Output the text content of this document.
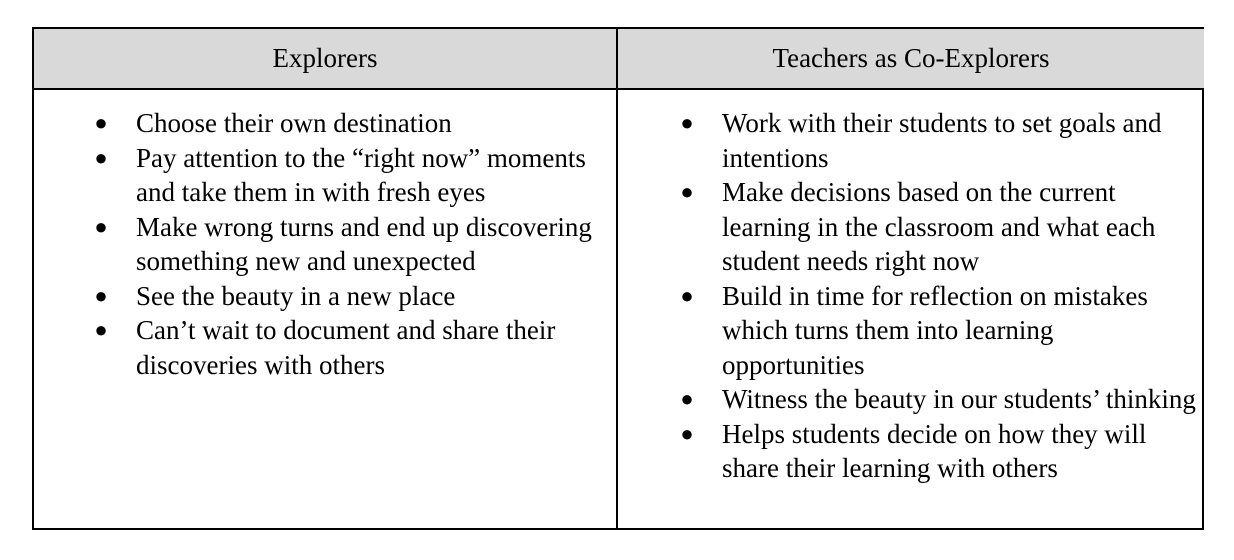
Explorers	Teachers as Co-Explorers
● Choose their own destination
● Pay attention to the “right now” moments and take them in with fresh eyes
● Make wrong turns and end up discovering something new and unexpected
● See the beauty in a new place
● Can’t wait to document and share their discoveries with others
● Work with their students to set goals and intentions
● Make decisions based on the current learning in the classroom and what each student needs right now
● Build in time for reflection on mistakes which turns them into learning opportunities
● Witness the beauty in our students’ thinking
● Helps students decide on how they will share their learning with others
